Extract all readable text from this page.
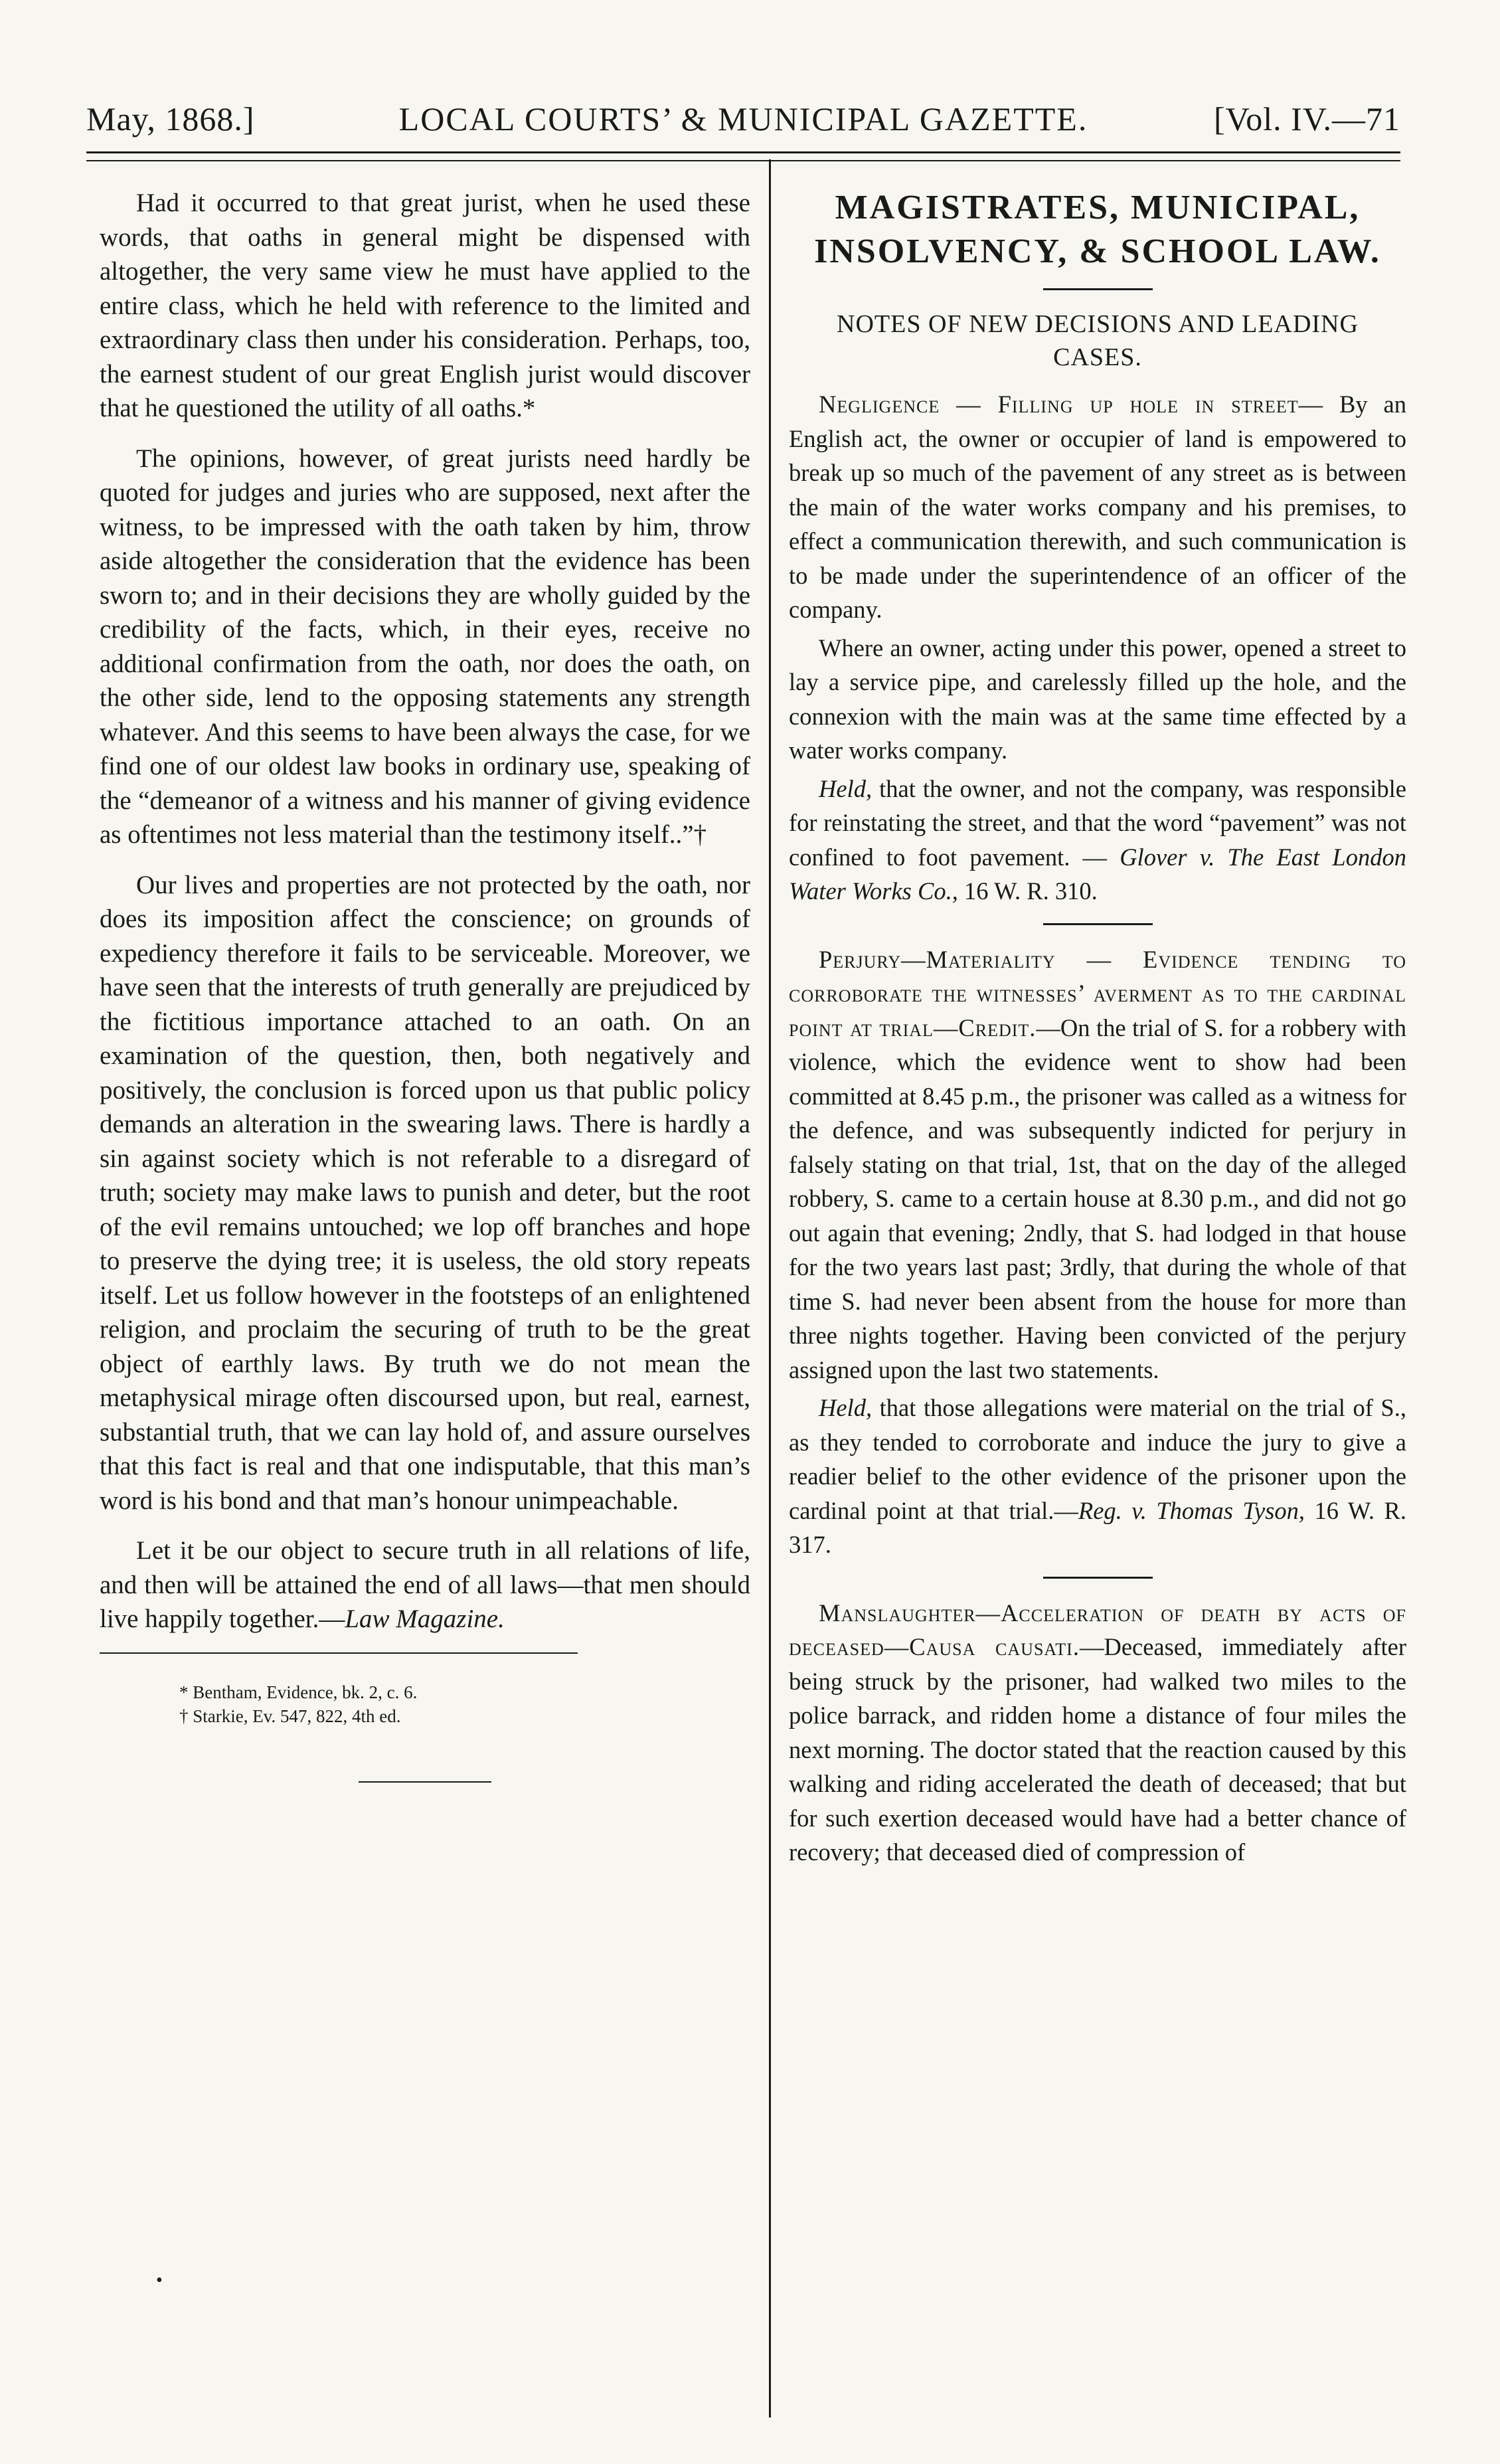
May, 1868.]	LOCAL COURTS’ & MUNICIPAL GAZETTE.	[Vol. IV.—71

Had it occurred to that great jurist, when he used these words, that oaths in general might be dispensed with altogether, the very same view he must have applied to the entire class, which he held with reference to the limited and extraordinary class then under his consideration. Perhaps, too, the earnest student of our great English jurist would discover that he questioned the utility of all oaths.*

The opinions, however, of great jurists need hardly be quoted for judges and juries who are supposed, next after the witness, to be impressed with the oath taken by him, throw aside altogether the consideration that the evidence has been sworn to; and in their decisions they are wholly guided by the credibility of the facts, which, in their eyes, receive no additional confirmation from the oath, nor does the oath, on the other side, lend to the opposing statements any strength whatever. And this seems to have been always the case, for we find one of our oldest law books in ordinary use, speaking of the “demeanor of a witness and his manner of giving evidence as oftentimes not less material than the testimony itself..”†

Our lives and properties are not protected by the oath, nor does its imposition affect the conscience; on grounds of expediency therefore it fails to be serviceable. Moreover, we have seen that the interests of truth generally are prejudiced by the fictitious importance attached to an oath. On an examination of the question, then, both negatively and positively, the conclusion is forced upon us that public policy demands an alteration in the swearing laws. There is hardly a sin against society which is not referable to a disregard of truth; society may make laws to punish and deter, but the root of the evil remains untouched; we lop off branches and hope to preserve the dying tree; it is useless, the old story repeats itself. Let us follow however in the footsteps of an enlightened religion, and proclaim the securing of truth to be the great object of earthly laws. By truth we do not mean the metaphysical mirage often discoursed upon, but real, earnest, substantial truth, that we can lay hold of, and assure ourselves that this fact is real and that one indisputable, that this man’s word is his bond and that man’s honour unimpeachable.

Let it be our object to secure truth in all relations of life, and then will be attained the end of all laws—that men should live happily together.—Law Magazine.

* Bentham, Evidence, bk. 2, c. 6.

† Starkie, Ev. 547, 822, 4th ed.

•
MAGISTRATES, MUNICIPAL, INSOLVENCY, & SCHOOL LAW.
NOTES OF NEW DECISIONS AND LEADING CASES.

Negligence — Filling up hole in street— By an English act, the owner or occupier of land is empowered to break up so much of the pavement of any street as is between the main of the water works company and his premises, to effect a communication therewith, and such communication is to be made under the superintendence of an officer of the company.

Where an owner, acting under this power, opened a street to lay a service pipe, and carelessly filled up the hole, and the connexion with the main was at the same time effected by a water works company.

Held, that the owner, and not the company, was responsible for reinstating the street, and that the word “pavement” was not confined to foot pavement. — Glover v. The East London Water Works Co., 16 W. R. 310.

Perjury—Materiality — Evidence tending to corroborate the witnesses’ averment as to the cardinal point at trial—Credit.—On the trial of S. for a robbery with violence, which the evidence went to show had been committed at 8.45 p.m., the prisoner was called as a witness for the defence, and was subsequently indicted for perjury in falsely stating on that trial, 1st, that on the day of the alleged robbery, S. came to a certain house at 8.30 p.m., and did not go out again that evening; 2ndly, that S. had lodged in that house for the two years last past; 3rdly, that during the whole of that time S. had never been absent from the house for more than three nights together. Having been convicted of the perjury assigned upon the last two statements.

Held, that those allegations were material on the trial of S., as they tended to corroborate and induce the jury to give a readier belief to the other evidence of the prisoner upon the cardinal point at that trial.—Reg. v. Thomas Tyson, 16 W. R. 317.

Manslaughter—Acceleration of death by acts of deceased—Causa causati.—Deceased, immediately after being struck by the prisoner, had walked two miles to the police barrack, and ridden home a distance of four miles the next morning. The doctor stated that the reaction caused by this walking and riding accelerated the death of deceased; that but for such exertion deceased would have had a better chance of recovery; that deceased died of compression of
